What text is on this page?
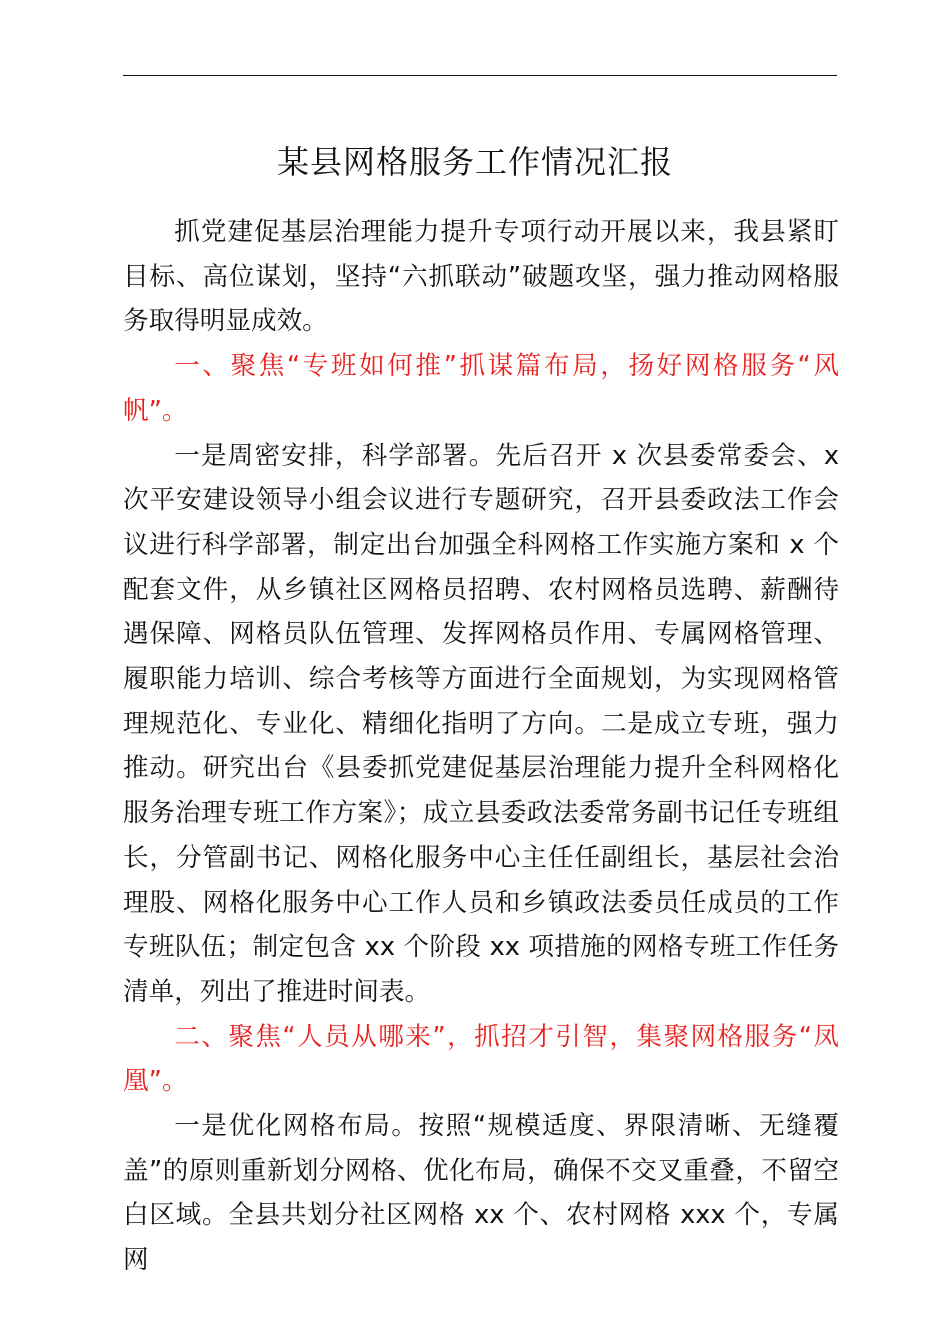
某县网格服务工作情况汇报

抓党建促基层治理能力提升专项行动开展以来，我县紧盯目标、高位谋划，坚持“六抓联动”破题攻坚，强力推动网格服务取得明显成效。

一、聚焦“专班如何推”抓谋篇布局，扬好网格服务“风帆”。

一是周密安排，科学部署。先后召开 x 次县委常委会、x 次平安建设领导小组会议进行专题研究，召开县委政法工作会议进行科学部署，制定出台加强全科网格工作实施方案和 x 个配套文件，从乡镇社区网格员招聘、农村网格员选聘、薪酬待遇保障、网格员队伍管理、发挥网格员作用、专属网格管理、履职能力培训、综合考核等方面进行全面规划，为实现网格管理规范化、专业化、精细化指明了方向。二是成立专班，强力推动。研究出台《县委抓党建促基层治理能力提升全科网格化服务治理专班工作方案》；成立县委政法委常务副书记任专班组长，分管副书记、网格化服务中心主任任副组长，基层社会治理股、网格化服务中心工作人员和乡镇政法委员任成员的工作专班队伍；制定包含 xx 个阶段 xx 项措施的网格专班工作任务清单，列出了推进时间表。

二、聚焦“人员从哪来”，抓招才引智，集聚网格服务“凤凰”。

一是优化网格布局。按照“规模适度、界限清晰、无缝覆盖”的原则重新划分网格、优化布局，确保不交叉重叠，不留空白区域。全县共划分社区网格 xx 个、农村网格 xxx 个，专属网
